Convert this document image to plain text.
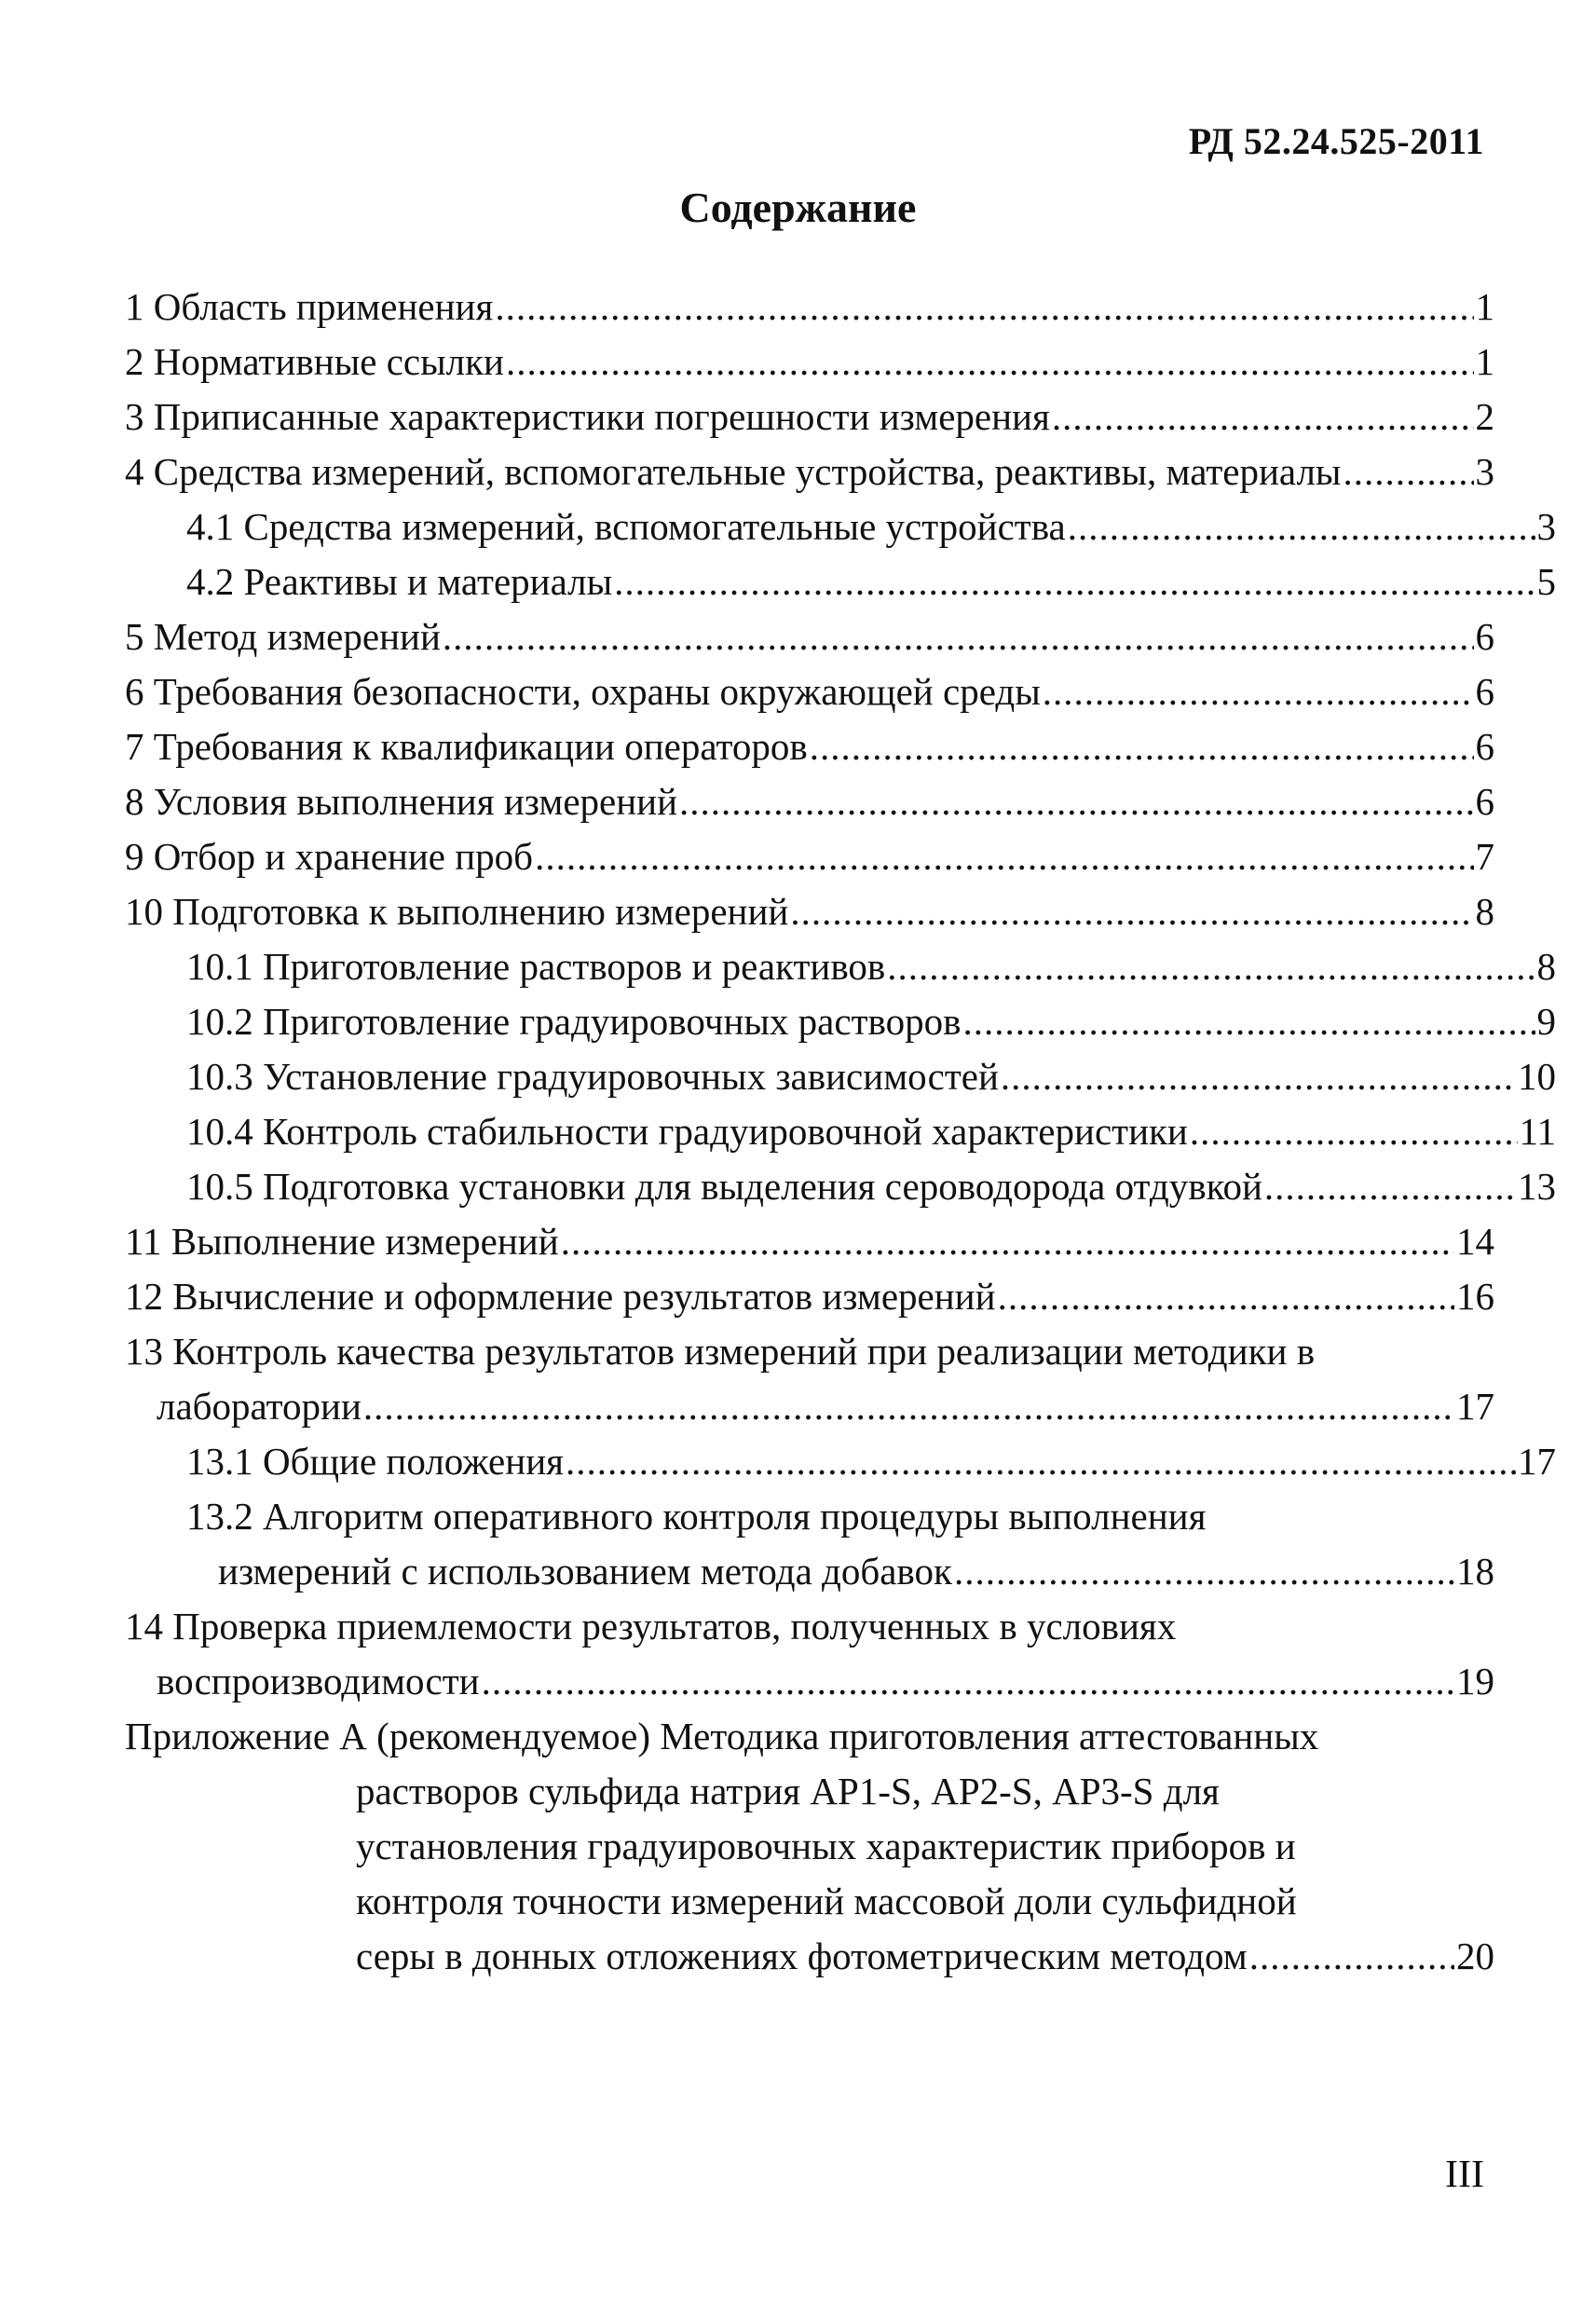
РД 52.24.525-2011
Содержание
1 Область применения .....	1
2 Нормативные ссылки .....	1
3 Приписанные характеристики погрешности измерения .....	2
4 Средства измерений, вспомогательные устройства, реактивы, материалы .....	3
4.1 Средства измерений, вспомогательные устройства .....	3
4.2 Реактивы и материалы .....	5
5 Метод измерений .....	6
6 Требования безопасности, охраны окружающей среды .....	6
7 Требования к квалификации операторов .....	6
8 Условия выполнения измерений .....	6
9 Отбор и хранение проб .....	7
10 Подготовка к выполнению измерений .....	8
10.1 Приготовление растворов и реактивов .....	8
10.2 Приготовление градуировочных растворов .....	9
10.3 Установление градуировочных зависимостей .....	10
10.4 Контроль стабильности градуировочной характеристики .....	11
10.5 Подготовка установки для выделения сероводорода отдувкой .....	13
11 Выполнение измерений .....	14
12 Вычисление и оформление результатов измерений .....	16
13 Контроль качества результатов измерений при реализации методики в
лаборатории .....	17
13.1 Общие положения .....	17
13.2 Алгоритм оперативного контроля процедуры выполнения
измерений с использованием метода добавок .....	18
14 Проверка приемлемости результатов, полученных в условиях
воспроизводимости .....	19
Приложение А (рекомендуемое) Методика приготовления аттестованных
растворов сульфида натрия АР1-S, АР2-S, АР3-S для
установления градуировочных характеристик приборов и
контроля точности измерений массовой доли сульфидной
серы в донных отложениях фотометрическим методом .....	20
III
